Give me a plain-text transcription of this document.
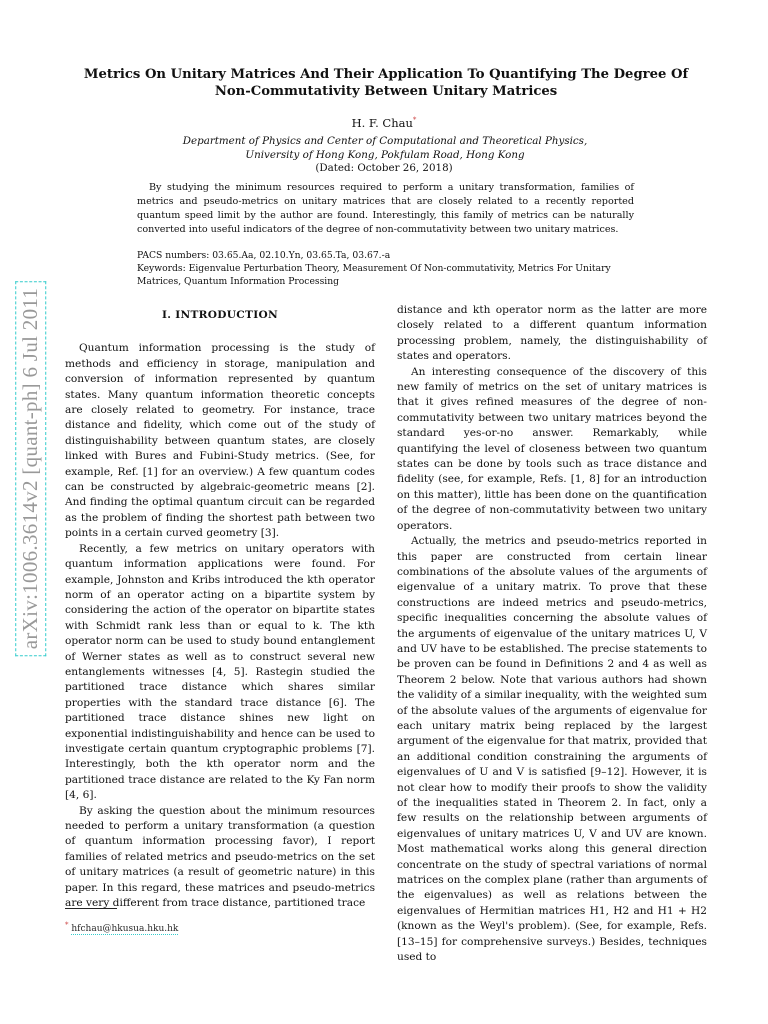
Metrics On Unitary Matrices And Their Application To Quantifying The Degree Of
Non-Commutativity Between Unitary Matrices
H. F. Chau*
Department of Physics and Center of Computational and Theoretical Physics,
University of Hong Kong, Pokfulam Road, Hong Kong
(Dated: October 26, 2018)

By studying the minimum resources required to perform a unitary transformation, families of metrics and pseudo-metrics on unitary matrices that are closely related to a recently reported quantum speed limit by the author are found. Interestingly, this family of metrics can be naturally converted into useful indicators of the degree of non-commutativity between two unitary matrices.

PACS numbers: 03.65.Aa, 02.10.Yn, 03.65.Ta, 03.67.-a
Keywords: Eigenvalue Perturbation Theory, Measurement Of Non-commutativity, Metrics For Unitary Matrices, Quantum Information Processing
arXiv:1006.3614v2 [quant-ph] 6 Jul 2011	I. INTRODUCTION

Quantum information processing is the study of methods and efficiency in storage, manipulation and conversion of information represented by quantum states. Many quantum information theoretic concepts are closely related to geometry. For instance, trace distance and fidelity, which come out of the study of distinguishability between quantum states, are closely linked with Bures and Fubini-Study metrics. (See, for example, Ref. [1] for an overview.) A few quantum codes can be constructed by algebraic-geometric means [2]. And finding the optimal quantum circuit can be regarded as the problem of finding the shortest path between two points in a certain curved geometry [3].

Recently, a few metrics on unitary operators with quantum information applications were found. For example, Johnston and Kribs introduced the kth operator norm of an operator acting on a bipartite system by considering the action of the operator on bipartite states with Schmidt rank less than or equal to k. The kth operator norm can be used to study bound entanglement of Werner states as well as to construct several new entanglements witnesses [4, 5]. Rastegin studied the partitioned trace distance which shares similar properties with the standard trace distance [6]. The partitioned trace distance shines new light on exponential indistinguishability and hence can be used to investigate certain quantum cryptographic problems [7]. Interestingly, both the kth operator norm and the partitioned trace distance are related to the Ky Fan norm [4, 6].

By asking the question about the minimum resources needed to perform a unitary transformation (a question of quantum information processing favor), I report families of related metrics and pseudo-metrics on the set of unitary matrices (a result of geometric nature) in this paper. In this regard, these matrices and pseudo-metrics are very different from trace distance, partitioned trace

distance and kth operator norm as the latter are more closely related to a different quantum information processing problem, namely, the distinguishability of states and operators.

An interesting consequence of the discovery of this new family of metrics on the set of unitary matrices is that it gives refined measures of the degree of non-commutativity between two unitary matrices beyond the standard yes-or-no answer. Remarkably, while quantifying the level of closeness between two quantum states can be done by tools such as trace distance and fidelity (see, for example, Refs. [1, 8] for an introduction on this matter), little has been done on the quantification of the degree of non-commutativity between two unitary operators.

Actually, the metrics and pseudo-metrics reported in this paper are constructed from certain linear combinations of the absolute values of the arguments of eigenvalue of a unitary matrix. To prove that these constructions are indeed metrics and pseudo-metrics, specific inequalities concerning the absolute values of the arguments of eigenvalue of the unitary matrices U, V and UV have to be established. The precise statements to be proven can be found in Definitions 2 and 4 as well as Theorem 2 below. Note that various authors had shown the validity of a similar inequality, with the weighted sum of the absolute values of the arguments of eigenvalue for each unitary matrix being replaced by the largest argument of the eigenvalue for that matrix, provided that an additional condition constraining the arguments of eigenvalues of U and V is satisfied [9–12]. However, it is not clear how to modify their proofs to show the validity of the inequalities stated in Theorem 2. In fact, only a few results on the relationship between arguments of eigenvalues of unitary matrices U, V and UV are known. Most mathematical works along this general direction concentrate on the study of spectral variations of normal matrices on the complex plane (rather than arguments of the eigenvalues) as well as relations between the eigenvalues of Hermitian matrices H1, H2 and H1 + H2 (known as the Weyl's problem). (See, for example, Refs. [13–15] for comprehensive surveys.) Besides, techniques used to

* hfchau@hkusua.hku.hk
